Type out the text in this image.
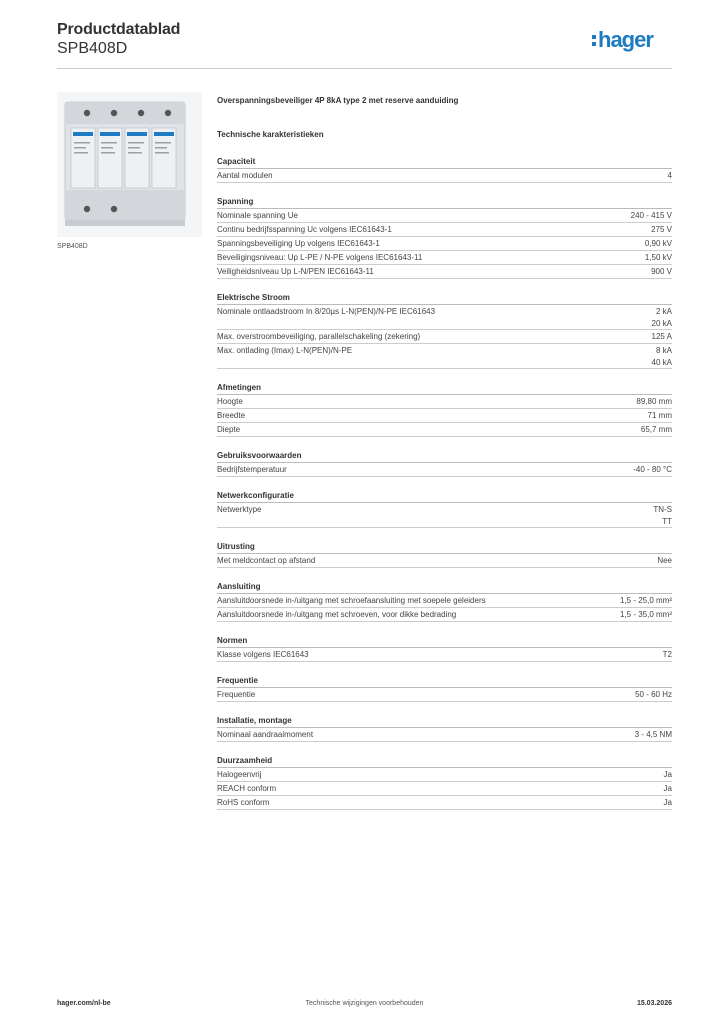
Productdatablad
SPB408D	hager
SPB408D
Overspanningsbeveiliger 4P 8kA type 2 met reserve aanduiding
Technische karakteristieken
Capaciteit
Aantal modulen	4
Spanning
Nominale spanning Ue	240 - 415 V
Continu bedrijfsspanning Uc volgens IEC61643-1	275 V
Spanningsbeveiliging Up volgens IEC61643-1	0,90 kV
Beveiligingsniveau: Up L-PE / N-PE volgens IEC61643-11	1,50 kV
Veiligheidsniveau Up L-N/PEN IEC61643-11	900 V
Elektrische Stroom
Nominale ontlaadstroom In 8/20µs L-N(PEN)/N-PE IEC61643	2 kA
20 kA
Max. overstroombeveiliging, parallelschakeling (zekering)	125 A
Max. ontlading (Imax) L-N(PEN)/N-PE	8 kA
40 kA
Afmetingen
Hoogte	89,80 mm
Breedte	71 mm
Diepte	65,7 mm
Gebruiksvoorwaarden
Bedrijfstemperatuur	-40 - 80 °C
Netwerkconfiguratie
Netwerktype	TN-S
TT
Uitrusting
Met meldcontact op afstand	Nee
Aansluiting
Aansluitdoorsnede in-/uitgang met schroefaansluiting met soepele geleiders	1,5 - 25,0 mm²
Aansluitdoorsnede in-/uitgang met schroeven, voor dikke bedrading	1,5 - 35,0 mm²
Normen
Klasse volgens IEC61643	T2
Frequentie
Frequentie	50 - 60 Hz
Installatie, montage
Nominaal aandraaimoment	3 - 4,5 NM
Duurzaamheid
Halogeenvrij	Ja
REACH conform	Ja
RoHS conform	Ja
Technische wijzigingen voorbehouden
hager.com/nl-be	15.03.2026
